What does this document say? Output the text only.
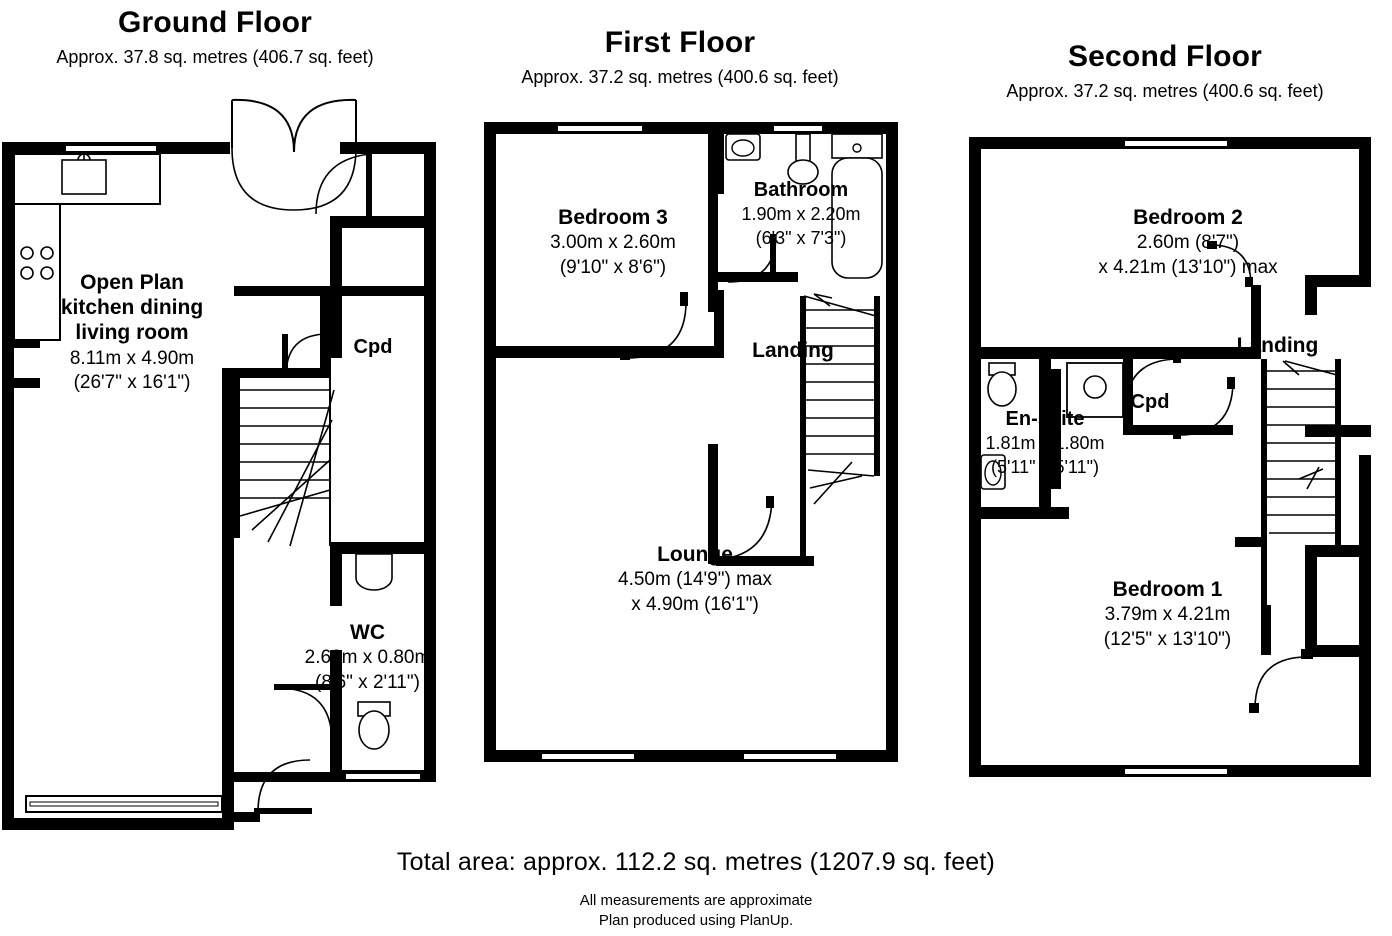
Ground Floor
Approx. 37.8 sq. metres (406.7 sq. feet)
Open Plan kitchen dining living room
8.11m x 4.90m
(26'7" x 16'1")
Cpd
WC
2.60m x 0.80m
(8'6" x 2'11")
First Floor
Approx. 37.2 sq. metres (400.6 sq. feet)
Bedroom 3
3.00m x 2.60m
(9'10" x 8'6")
Bathroom
1.90m x 2.20m
(6'3" x 7'3")
Landing
Lounge
4.50m (14'9") max
x 4.90m (16'1")
Second Floor
Approx. 37.2 sq. metres (400.6 sq. feet)
Bedroom 2
2.60m (8'7")
x 4.21m (13'10") max
Landing
En-suite
1.81m x 1.80m
(5'11" x 5'11")
Cpd
Bedroom 1
3.79m x 4.21m
(12'5" x 13'10")
Total area: approx. 112.2 sq. metres (1207.9 sq. feet)
All measurements are approximate
Plan produced using PlanUp.
